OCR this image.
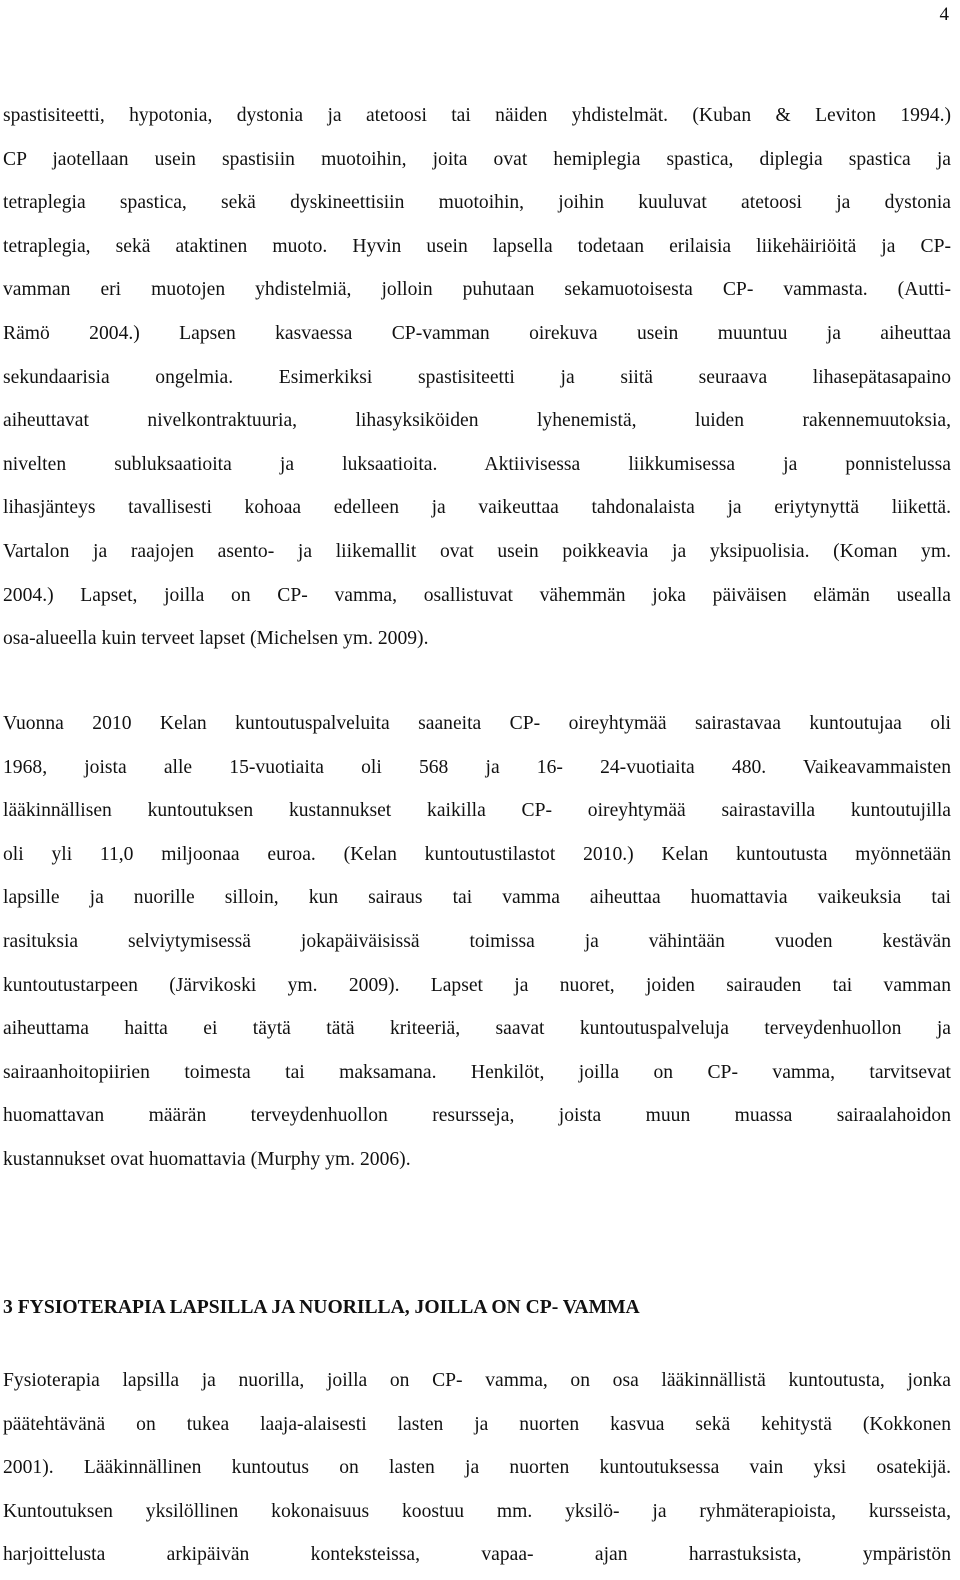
4
spastisiteetti, hypotonia, dystonia ja atetoosi tai näiden yhdistelmät. (Kuban & Leviton 1994.)
CP jaotellaan usein spastisiin muotoihin, joita ovat hemiplegia spastica, diplegia spastica ja
tetraplegia spastica, sekä dyskineettisiin muotoihin, joihin kuuluvat atetoosi ja dystonia
tetraplegia, sekä ataktinen muoto. Hyvin usein lapsella todetaan erilaisia liikehäiriöitä ja CP-
vamman eri muotojen yhdistelmiä, jolloin puhutaan sekamuotoisesta CP- vammasta. (Autti-
Rämö 2004.) Lapsen kasvaessa CP-vamman oirekuva usein muuntuu ja aiheuttaa
sekundaarisia ongelmia. Esimerkiksi spastisiteetti ja siitä seuraava lihasepätasapaino
aiheuttavat nivelkontraktuuria, lihasyksiköiden lyhenemistä, luiden rakennemuutoksia,
nivelten subluksaatioita ja luksaatioita. Aktiivisessa liikkumisessa ja ponnistelussa
lihasjänteys tavallisesti kohoaa edelleen ja vaikeuttaa tahdonalaista ja eriytynyttä liikettä.
Vartalon ja raajojen asento- ja liikemallit ovat usein poikkeavia ja yksipuolisia. (Koman ym.
2004.) Lapset, joilla on CP- vamma, osallistuvat vähemmän joka päiväisen elämän usealla
osa-alueella kuin terveet lapset (Michelsen ym. 2009).
Vuonna 2010 Kelan kuntoutuspalveluita saaneita CP- oireyhtymää sairastavaa kuntoutujaa oli
1968, joista alle 15-vuotiaita oli 568 ja 16- 24-vuotiaita 480. Vaikeavammaisten
lääkinnällisen kuntoutuksen kustannukset kaikilla CP- oireyhtymää sairastavilla kuntoutujilla
oli yli 11,0 miljoonaa euroa. (Kelan kuntoutustilastot 2010.) Kelan kuntoutusta myönnetään
lapsille ja nuorille silloin, kun sairaus tai vamma aiheuttaa huomattavia vaikeuksia tai
rasituksia selviytymisessä jokapäiväisissä toimissa ja vähintään vuoden kestävän
kuntoutustarpeen (Järvikoski ym. 2009). Lapset ja nuoret, joiden sairauden tai vamman
aiheuttama haitta ei täytä tätä kriteeriä, saavat kuntoutuspalveluja terveydenhuollon ja
sairaanhoitopiirien toimesta tai maksamana. Henkilöt, joilla on CP- vamma, tarvitsevat
huomattavan määrän terveydenhuollon resursseja, joista muun muassa sairaalahoidon
kustannukset ovat huomattavia (Murphy ym. 2006).
3 FYSIOTERAPIA LAPSILLA JA NUORILLA, JOILLA ON CP- VAMMA
Fysioterapia lapsilla ja nuorilla, joilla on CP- vamma, on osa lääkinnällistä kuntoutusta, jonka
päätehtävänä on tukea laaja-alaisesti lasten ja nuorten kasvua sekä kehitystä (Kokkonen
2001). Lääkinnällinen kuntoutus on lasten ja nuorten kuntoutuksessa vain yksi osatekijä.
Kuntoutuksen yksilöllinen kokonaisuus koostuu mm. yksilö- ja ryhmäterapioista, kursseista,
harjoittelusta arkipäivän konteksteissa, vapaa- ajan harrastuksista, ympäristön
